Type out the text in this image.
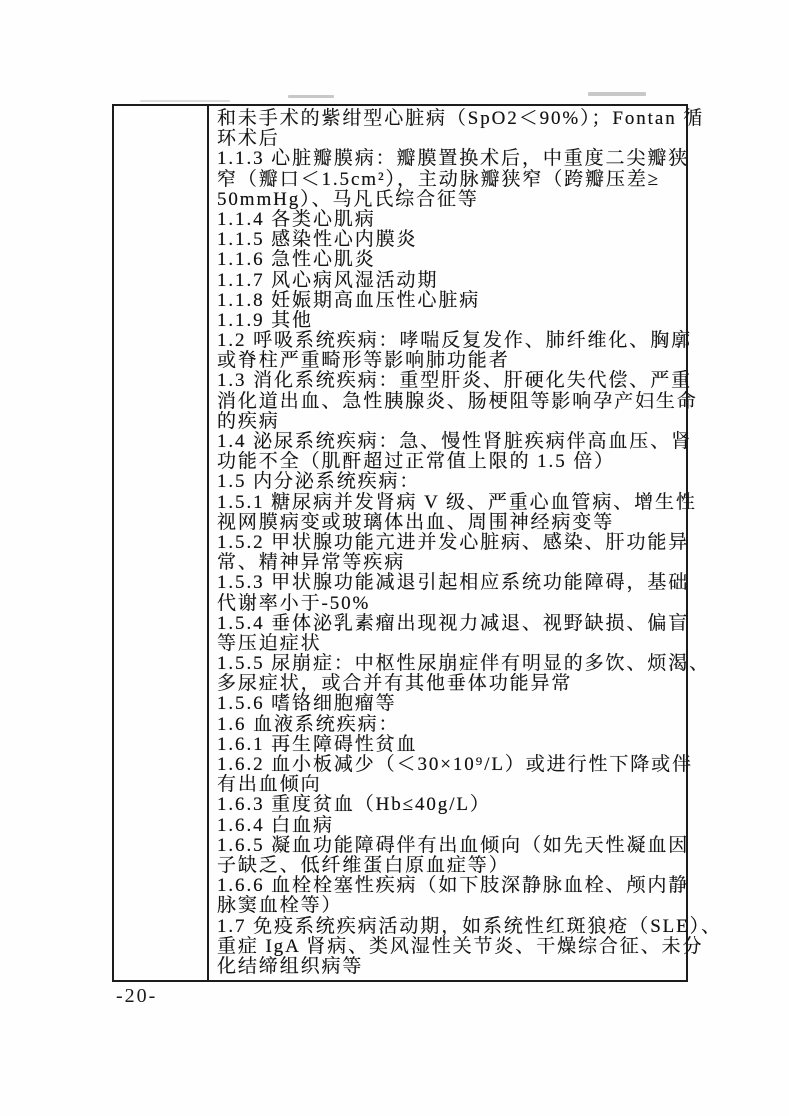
和未手术的紫绀型心脏病（SpO2＜90%）；Fontan 循
环术后
1.1.3 心脏瓣膜病：瓣膜置换术后，中重度二尖瓣狭
窄（瓣口＜1.5cm²），主动脉瓣狭窄（跨瓣压差≥
50mmHg）、马凡氏综合征等
1.1.4 各类心肌病
1.1.5 感染性心内膜炎
1.1.6 急性心肌炎
1.1.7 风心病风湿活动期
1.1.8 妊娠期高血压性心脏病
1.1.9 其他
1.2 呼吸系统疾病：哮喘反复发作、肺纤维化、胸廓
或脊柱严重畸形等影响肺功能者
1.3 消化系统疾病：重型肝炎、肝硬化失代偿、严重
消化道出血、急性胰腺炎、肠梗阻等影响孕产妇生命
的疾病
1.4 泌尿系统疾病：急、慢性肾脏疾病伴高血压、肾
功能不全（肌酐超过正常值上限的 1.5 倍）
1.5 内分泌系统疾病：
1.5.1 糖尿病并发肾病 V 级、严重心血管病、增生性
视网膜病变或玻璃体出血、周围神经病变等
1.5.2 甲状腺功能亢进并发心脏病、感染、肝功能异
常、精神异常等疾病
1.5.3 甲状腺功能减退引起相应系统功能障碍，基础
代谢率小于-50%
1.5.4 垂体泌乳素瘤出现视力减退、视野缺损、偏盲
等压迫症状
1.5.5 尿崩症：中枢性尿崩症伴有明显的多饮、烦渴、
多尿症状，或合并有其他垂体功能异常
1.5.6 嗜铬细胞瘤等
1.6 血液系统疾病：
1.6.1 再生障碍性贫血
1.6.2 血小板减少（＜30×10⁹/L）或进行性下降或伴
有出血倾向
1.6.3 重度贫血（Hb≤40g/L）
1.6.4 白血病
1.6.5 凝血功能障碍伴有出血倾向（如先天性凝血因
子缺乏、低纤维蛋白原血症等）
1.6.6 血栓栓塞性疾病（如下肢深静脉血栓、颅内静
脉窦血栓等）
1.7 免疫系统疾病活动期，如系统性红斑狼疮（SLE）、
重症 IgA 肾病、类风湿性关节炎、干燥综合征、未分
化结缔组织病等
-20-
